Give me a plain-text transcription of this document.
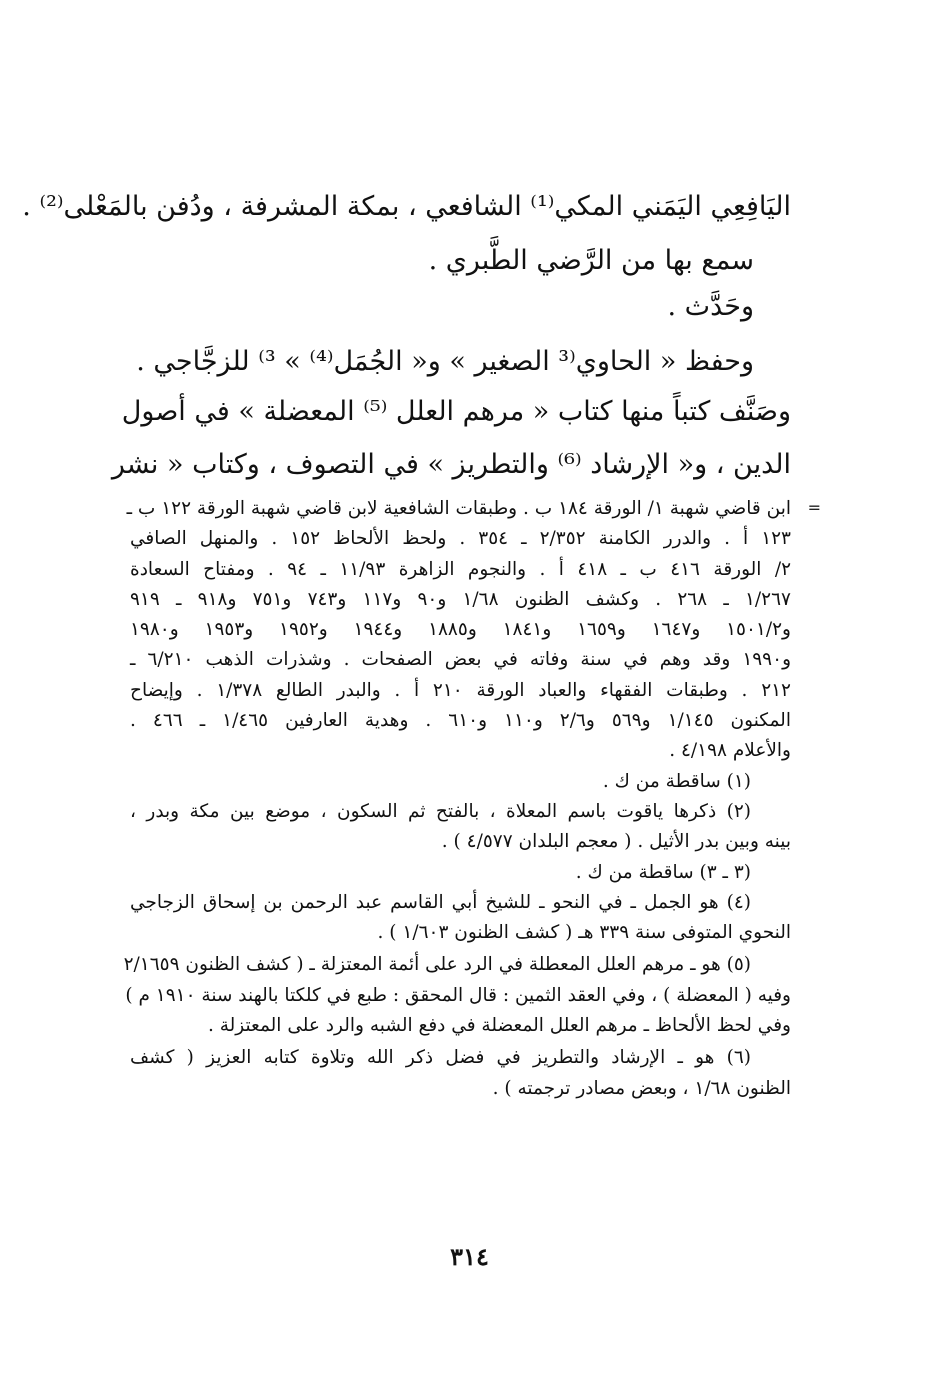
اليَافِعِي اليَمَني المكي⁽¹⁾ الشافعي ، بمكة المشرفة ، ودُفن بالمَعْلى⁽²⁾ .
سمع بها من الرَّضي الطَّبري .
وحَدَّث .
وحفظ « الحاوي⁽³ الصغير » و« الجُمَل⁽⁴⁾ » ³⁾ للزجَّاجي .
وصَنَّف كتباً منها كتاب « مرهم العلل ⁽⁵⁾ المعضلة » في أصول
الدين ، و« الإرشاد ⁽⁶⁾ والتطريز » في التصوف ، وكتاب « نشر
=
ابن قاضي شهبة ١/ الورقة ١٨٤ ب . وطبقات الشافعية لابن قاضي شهبة الورقة ١٢٢ ب ـ
١٢٣ أ . والدرر الكامنة ٢/٣٥٢ ـ ٣٥٤ . ولحظ الألحاظ ١٥٢ . والمنهل الصافي
٢/ الورقة ٤١٦ ب ـ ٤١٨ أ . والنجوم الزاهرة ١١/٩٣ ـ ٩٤ . ومفتاح السعادة
١/٢٦٧ ـ ٢٦٨ . وكشف الظنون ١/٦٨ و٩٠ و١١٧ و٧٤٣ و٧٥١ و٩١٨ ـ ٩١٩
و١٥٠١/٢ و١٦٤٧ و١٦٥٩ و١٨٤١ و١٨٨٥ و١٩٤٤ و١٩٥٢ و١٩٥٣ و١٩٨٠
و١٩٩٠ وقد وهم في سنة وفاته في بعض الصفحات . وشذرات الذهب ٦/٢١٠ ـ
٢١٢ . وطبقات الفقهاء والعباد الورقة ٢١٠ أ . والبدر الطالع ١/٣٧٨ . وإيضاح
المكنون ١/١٤٥ و٥٦٩ و٢/٦ و١١٠ و٦١٠ . وهدية العارفين ١/٤٦٥ ـ ٤٦٦ .
والأعلام ٤/١٩٨ .
(١) ساقطة من ك .
(٢) ذكرها ياقوت باسم المعلاة ، بالفتح ثم السكون ، موضع بين مكة وبدر ،
بينه وبين بدر الأثيل . ( معجم البلدان ٤/٥٧٧ ) .
(٣ ـ ٣) ساقطة من ك .
(٤) هو الجمل ـ في النحو ـ للشيخ أبي القاسم عبد الرحمن بن إسحاق الزجاجي
النحوي المتوفى سنة ٣٣٩ هـ ( كشف الظنون ١/٦٠٣ ) .
(٥) هو ـ مرهم العلل المعطلة في الرد على أئمة المعتزلة ـ ( كشف الظنون ٢/١٦٥٩
وفيه ( المعضلة ) ، وفي العقد الثمين : قال المحقق : طبع في كلكتا بالهند سنة ١٩١٠ م )
وفي لحظ الألحاظ ـ مرهم العلل المعضلة في دفع الشبه والرد على المعتزلة .
(٦) هو ـ الإرشاد والتطريز في فضل ذكر الله وتلاوة كتابه العزيز ( كشف
الظنون ١/٦٨ ، وبعض مصادر ترجمته ) .
٣١٤
